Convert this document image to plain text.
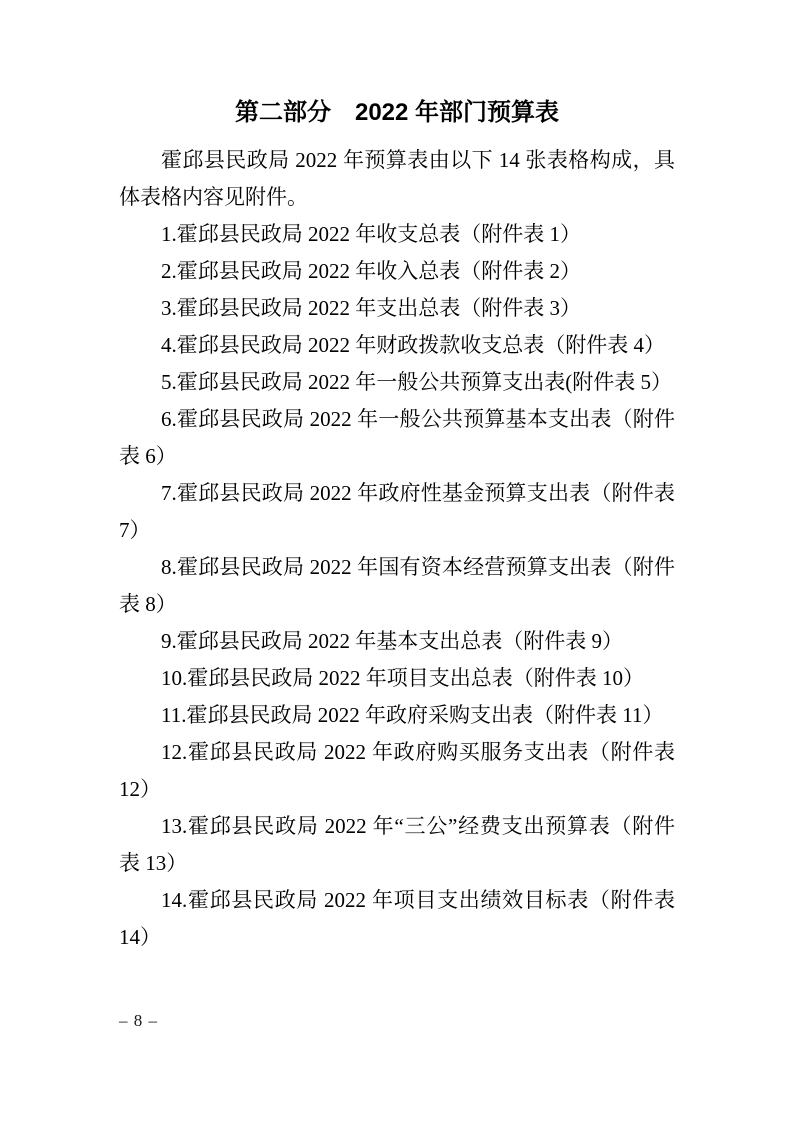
第二部分　2022 年部门预算表

霍邱县民政局 2022 年预算表由以下 14 张表格构成，具体表格内容见附件。

1.霍邱县民政局 2022 年收支总表（附件表 1）

2.霍邱县民政局 2022 年收入总表（附件表 2）

3.霍邱县民政局 2022 年支出总表（附件表 3）

4.霍邱县民政局 2022 年财政拨款收支总表（附件表 4）

5.霍邱县民政局 2022 年一般公共预算支出表(附件表 5）

6.霍邱县民政局 2022 年一般公共预算基本支出表（附件表 6）

7.霍邱县民政局 2022 年政府性基金预算支出表（附件表 7）

8.霍邱县民政局 2022 年国有资本经营预算支出表（附件表 8）

9.霍邱县民政局 2022 年基本支出总表（附件表 9）

10.霍邱县民政局 2022 年项目支出总表（附件表 10）

11.霍邱县民政局 2022 年政府采购支出表（附件表 11）

12.霍邱县民政局 2022 年政府购买服务支出表（附件表 12）

13.霍邱县民政局 2022 年“三公”经费支出预算表（附件表 13）

14.霍邱县民政局 2022 年项目支出绩效目标表（附件表 14）

– 8 –
